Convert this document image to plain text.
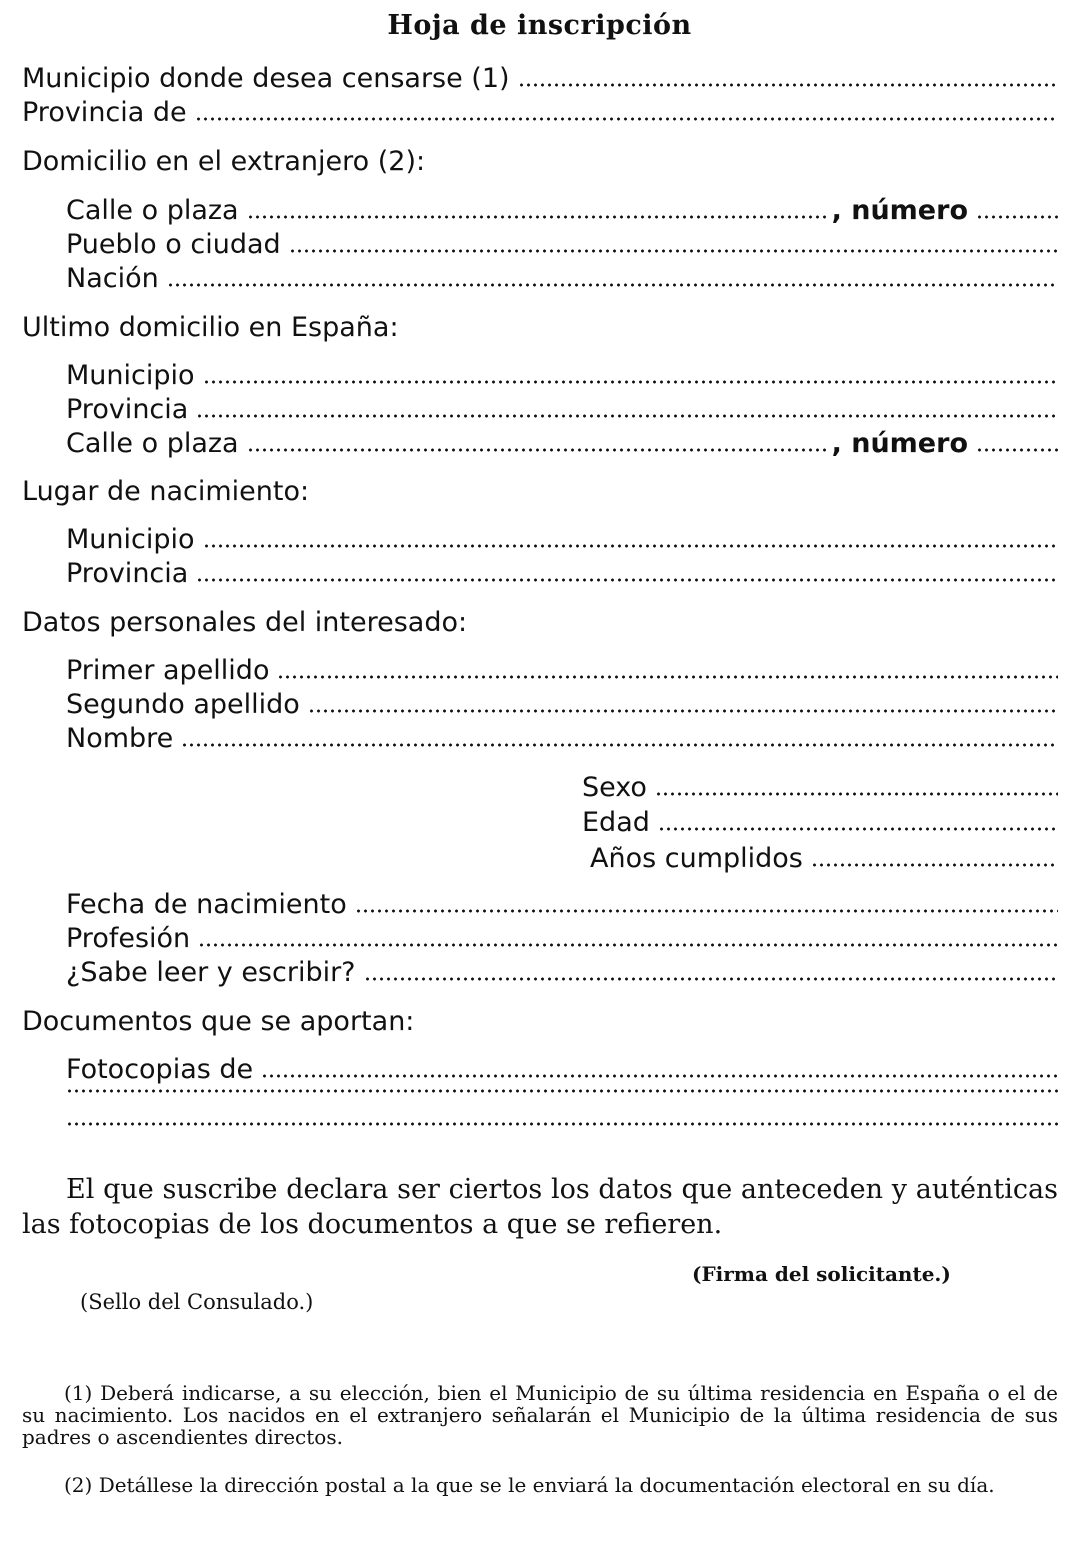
Hoja de inscripción
Municipio donde desea censarse (1)
Provincia de
Domicilio en el extranjero (2):
Calle o plaza	, número
Pueblo o ciudad
Nación
Ultimo domicilio en España:
Municipio
Provincia
Calle o plaza	, número
Lugar de nacimiento:
Municipio
Provincia
Datos personales del interesado:
Primer apellido
Segundo apellido
Nombre
Sexo
Edad
Años cumplidos
Fecha de nacimiento
Profesión
¿Sabe leer y escribir?
Documentos que se aportan:
Fotocopias de
El que suscribe declara ser ciertos los datos que anteceden y auténticas las fotocopias de los documentos a que se refieren.
(Firma del solicitante.)
(Sello del Consulado.)
(1) Deberá indicarse, a su elección, bien el Municipio de su última residencia en España o el de su nacimiento. Los nacidos en el extranjero señalarán el Municipio de la última residencia de sus padres o ascendientes directos.
(2) Detállese la dirección postal a la que se le enviará la documentación electoral en su día.
